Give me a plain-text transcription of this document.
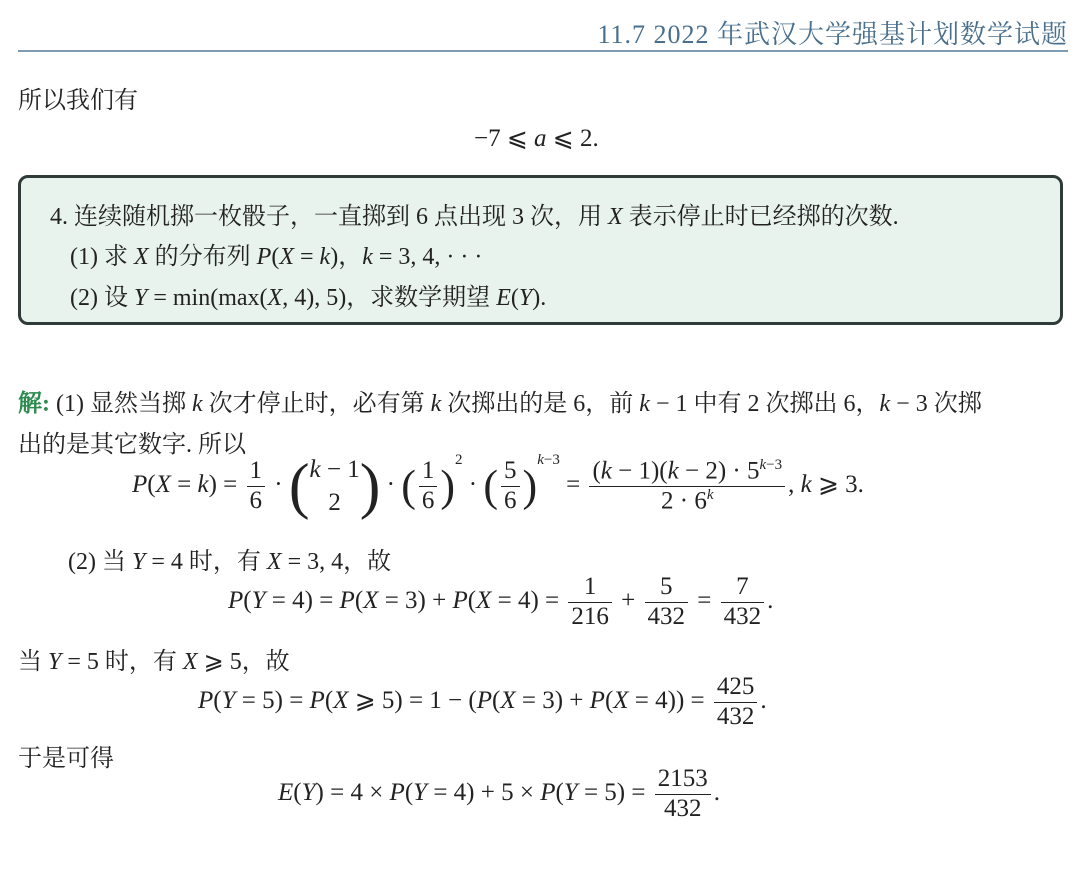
11.7 2022 年武汉大学强基计划数学试题
所以我们有
−7 ⩽ a ⩽ 2.
4. 连续随机掷一枚骰子，一直掷到 6 点出现 3 次，用 X 表示停止时已经掷的次数.
(1) 求 X 的分布列 P(X = k)，k = 3, 4, · · ·
(2) 设 Y = min(max(X, 4), 5)，求数学期望 E(Y).
解: (1) 显然当掷 k 次才停止时，必有第 k 次掷出的是 6，前 k − 1 中有 2 次掷出 6，k − 3 次掷
出的是其它数字. 所以
$P(X = k) = \frac{1}{6}$ · ( k − 1
2 ) · ( $\frac{1}{6} )^2$ · ( $\frac{5}{6} )^{k-3} = \frac{(k - 1)(k - 2) \cdot 5^{k-3}}{2 \cdot 6^k}$ , k ⩾ 3.
(2) 当 Y = 4 时，有 X = 3, 4，故
$P(Y = 4) = P(X = 3) + P(X = 4) = \frac{1}{216} + \frac{5}{432} = \frac{7}{432}$ .
当 Y = 5 时，有 X ⩾ 5，故
P(Y = 5) = P(X ⩾ $5) = 1 - (P(X = 3) + P(X = 4)) = \frac{425}{432}$ .
于是可得
$E(Y) = 4 \times P(Y = 4) + 5 \times P(Y = 5) = \frac{2153}{432}$ .
